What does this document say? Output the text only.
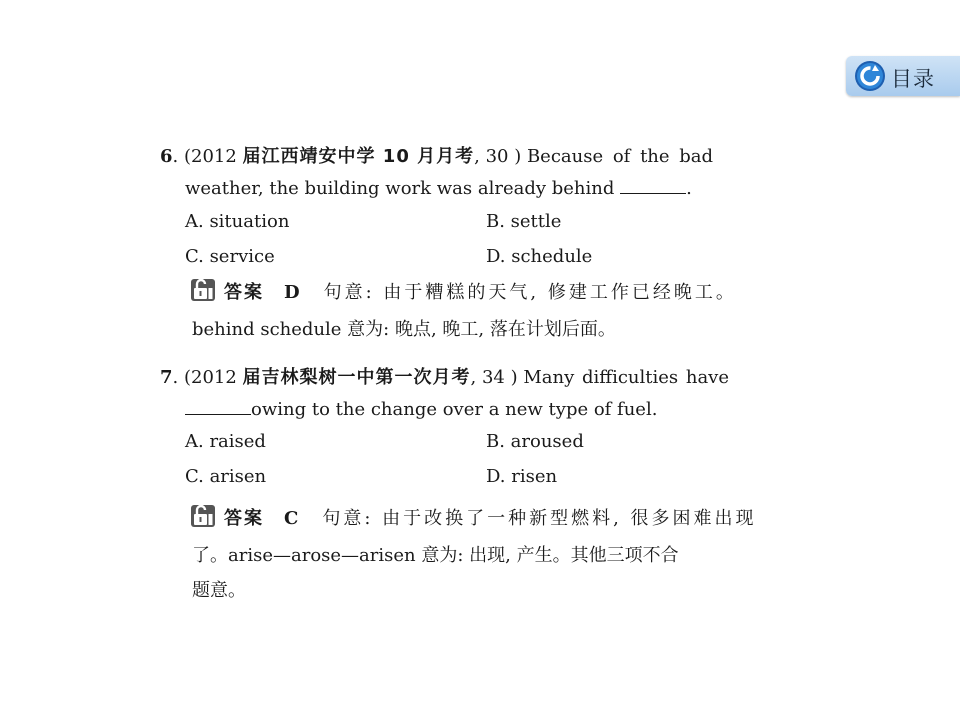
目录
6. (2012 届江西靖安中学 10 月月考, 30 ) Because of the bad
weather, the building work was already behind	.
A. situation	B. settle
C. service	D. schedule
答案 D 句意: 由于糟糕的天气, 修建工作已经晚工。
behind schedule 意为: 晚点, 晚工, 落在计划后面。
7. (2012 届吉林梨树一中第一次月考, 34 ) Many difficulties have
owing to the change over a new type of fuel.
A. raised	B. aroused
C. arisen	D. risen
答案 C 句意: 由于改换了一种新型燃料, 很多困难出现
了。arise—arose—arisen 意为: 出现, 产生。其他三项不合
题意。
